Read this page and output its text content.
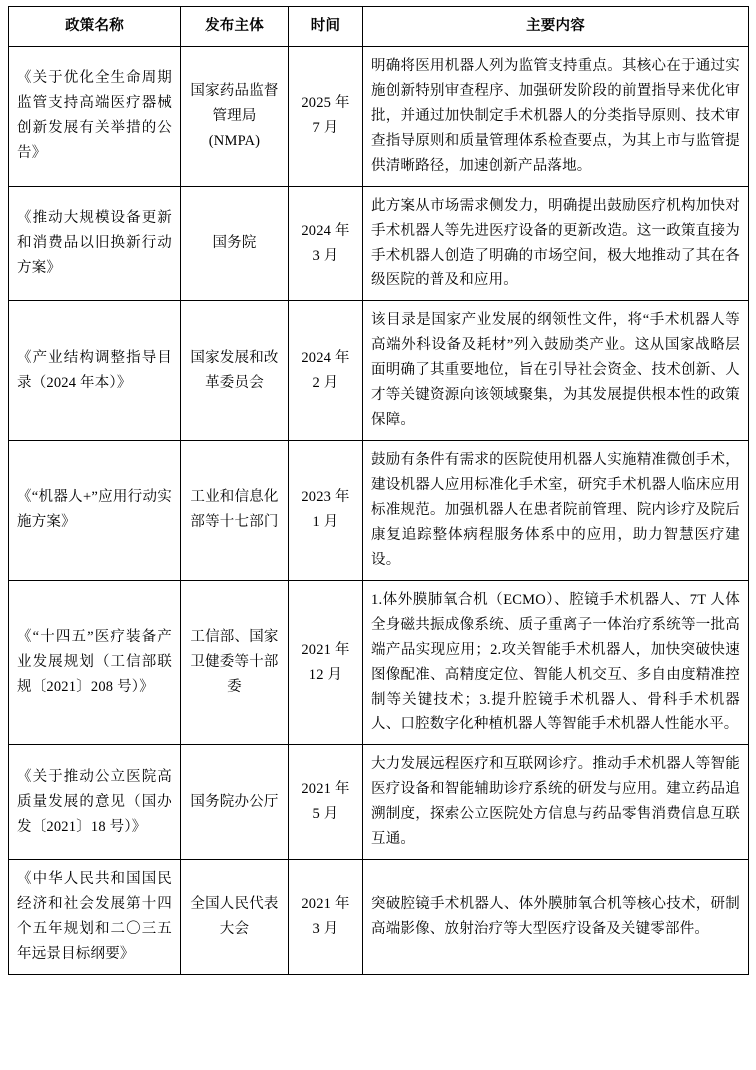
政策名称	发布主体	时间	主要内容
《关于优化全生命周期监管支持高端医疗器械创新发展有关举措的公告》	国家药品监督管理局(NMPA)	2025 年 7 月	明确将医用机器人列为监管支持重点。其核心在于通过实施创新特别审查程序、加强研发阶段的前置指导来优化审批，并通过加快制定手术机器人的分类指导原则、技术审查指导原则和质量管理体系检查要点，为其上市与监管提供清晰路径，加速创新产品落地。
《推动大规模设备更新和消费品以旧换新行动方案》	国务院	2024 年 3 月	此方案从市场需求侧发力，明确提出鼓励医疗机构加快对手术机器人等先进医疗设备的更新改造。这一政策直接为手术机器人创造了明确的市场空间，极大地推动了其在各级医院的普及和应用。
《产业结构调整指导目录（2024 年本）》	国家发展和改革委员会	2024 年 2 月	该目录是国家产业发展的纲领性文件，将“手术机器人等高端外科设备及耗材”列入鼓励类产业。这从国家战略层面明确了其重要地位，旨在引导社会资金、技术创新、人才等关键资源向该领域聚集，为其发展提供根本性的政策保障。
《“机器人+”应用行动实施方案》	工业和信息化部等十七部门	2023 年 1 月	鼓励有条件有需求的医院使用机器人实施精准微创手术，建设机器人应用标准化手术室，研究手术机器人临床应用标准规范。加强机器人在患者院前管理、院内诊疗及院后康复追踪整体病程服务体系中的应用，助力智慧医疗建设。
《“十四五”医疗装备产业发展规划（工信部联规〔2021〕208 号）》	工信部、国家卫健委等十部委	2021 年 12 月	1.体外膜肺氧合机（ECMO）、腔镜手术机器人、7T 人体全身磁共振成像系统、质子重离子一体治疗系统等一批高端产品实现应用；2.攻关智能手术机器人，加快突破快速图像配准、高精度定位、智能人机交互、多自由度精准控制等关键技术；3.提升腔镜手术机器人、骨科手术机器人、口腔数字化种植机器人等智能手术机器人性能水平。
《关于推动公立医院高质量发展的意见（国办发〔2021〕18 号）》	国务院办公厅	2021 年 5 月	大力发展远程医疗和互联网诊疗。推动手术机器人等智能医疗设备和智能辅助诊疗系统的研发与应用。建立药品追溯制度，探索公立医院处方信息与药品零售消费信息互联互通。
《中华人民共和国国民经济和社会发展第十四个五年规划和二〇三五年远景目标纲要》	全国人民代表大会	2021 年 3 月	突破腔镜手术机器人、体外膜肺氧合机等核心技术，研制高端影像、放射治疗等大型医疗设备及关键零部件。
